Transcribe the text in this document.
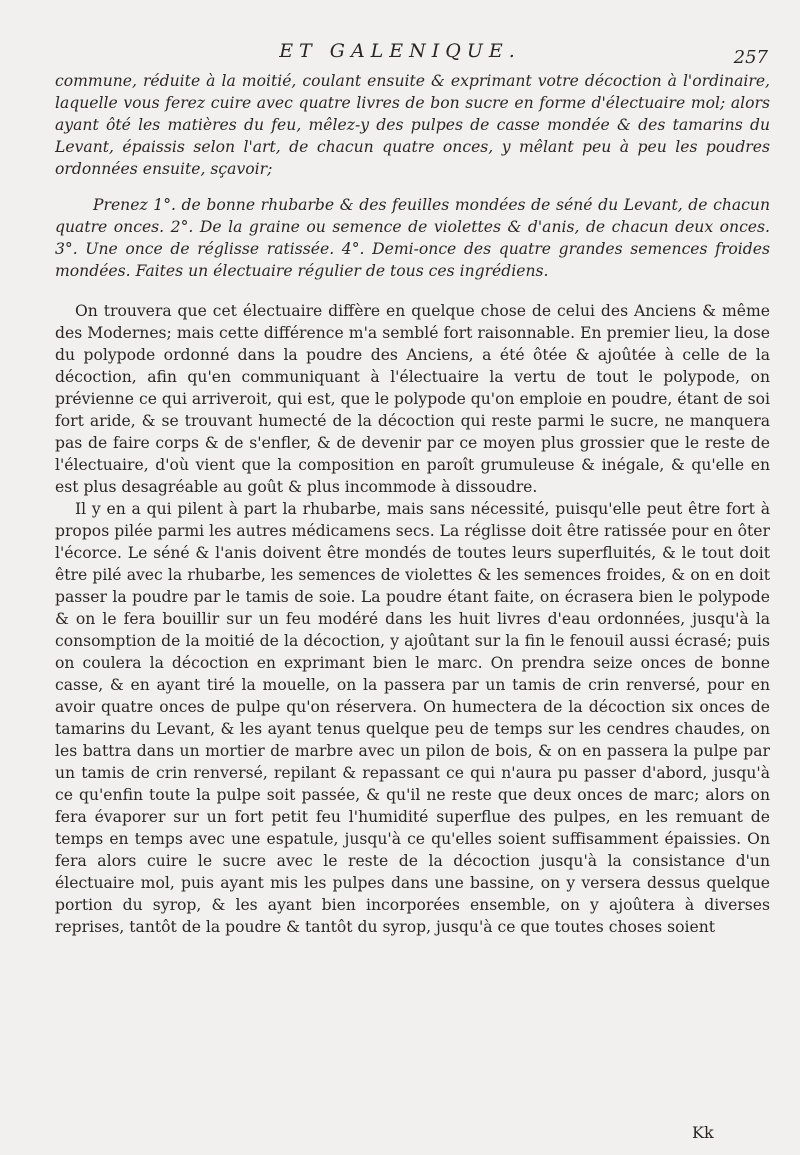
ET GALENIQUE.	257

commune, réduite à la moitié, coulant ensuite & exprimant votre décoction à l'ordinaire, laquelle vous ferez cuire avec quatre livres de bon sucre en forme d'électuaire mol; alors ayant ôté les matières du feu, mêlez-y des pulpes de casse mondée & des tamarins du Levant, épaissis selon l'art, de chacun quatre onces, y mêlant peu à peu les poudres ordonnées ensuite, sçavoir;

Prenez 1°. de bonne rhubarbe & des feuilles mondées de séné du Levant, de chacun quatre onces. 2°. De la graine ou semence de violettes & d'anis, de chacun deux onces. 3°. Une once de réglisse ratissée. 4°. Demi-once des quatre grandes semences froides mondées. Faites un électuaire régulier de tous ces ingrédiens.

On trouvera que cet électuaire diffère en quelque chose de celui des Anciens & même des Modernes; mais cette différence m'a semblé fort raisonnable. En premier lieu, la dose du polypode ordonné dans la poudre des Anciens, a été ôtée & ajoûtée à celle de la décoction, afin qu'en communiquant à l'électuaire la vertu de tout le polypode, on prévienne ce qui arriveroit, qui est, que le polypode qu'on emploie en poudre, étant de soi fort aride, & se trouvant humecté de la décoction qui reste parmi le sucre, ne manquera pas de faire corps & de s'enfler, & de devenir par ce moyen plus grossier que le reste de l'électuaire, d'où vient que la composition en paroît grumuleuse & inégale, & qu'elle en est plus desagréable au goût & plus incommode à dissoudre.

Il y en a qui pilent à part la rhubarbe, mais sans nécessité, puisqu'elle peut être fort à propos pilée parmi les autres médicamens secs. La réglisse doit être ratissée pour en ôter l'écorce. Le séné & l'anis doivent être mondés de toutes leurs superfluités, & le tout doit être pilé avec la rhubarbe, les semences de violettes & les semences froides, & on en doit passer la poudre par le tamis de soie. La poudre étant faite, on écrasera bien le polypode & on le fera bouillir sur un feu modéré dans les huit livres d'eau ordonnées, jusqu'à la consomption de la moitié de la décoction, y ajoûtant sur la fin le fenouil aussi écrasé; puis on coulera la décoction en exprimant bien le marc. On prendra seize onces de bonne casse, & en ayant tiré la mouelle, on la passera par un tamis de crin renversé, pour en avoir quatre onces de pulpe qu'on réservera. On humectera de la décoction six onces de tamarins du Levant, & les ayant tenus quelque peu de temps sur les cendres chaudes, on les battra dans un mortier de marbre avec un pilon de bois, & on en passera la pulpe par un tamis de crin renversé, repilant & repassant ce qui n'aura pu passer d'abord, jusqu'à ce qu'enfin toute la pulpe soit passée, & qu'il ne reste que deux onces de marc; alors on fera évaporer sur un fort petit feu l'humidité superflue des pulpes, en les remuant de temps en temps avec une espatule, jusqu'à ce qu'elles soient suffisamment épaissies. On fera alors cuire le sucre avec le reste de la décoction jusqu'à la consistance d'un électuaire mol, puis ayant mis les pulpes dans une bassine, on y versera dessus quelque portion du syrop, & les ayant bien incorporées ensemble, on y ajoûtera à diverses reprises, tantôt de la poudre & tantôt du syrop, jusqu'à ce que toutes choses soient

Kk
